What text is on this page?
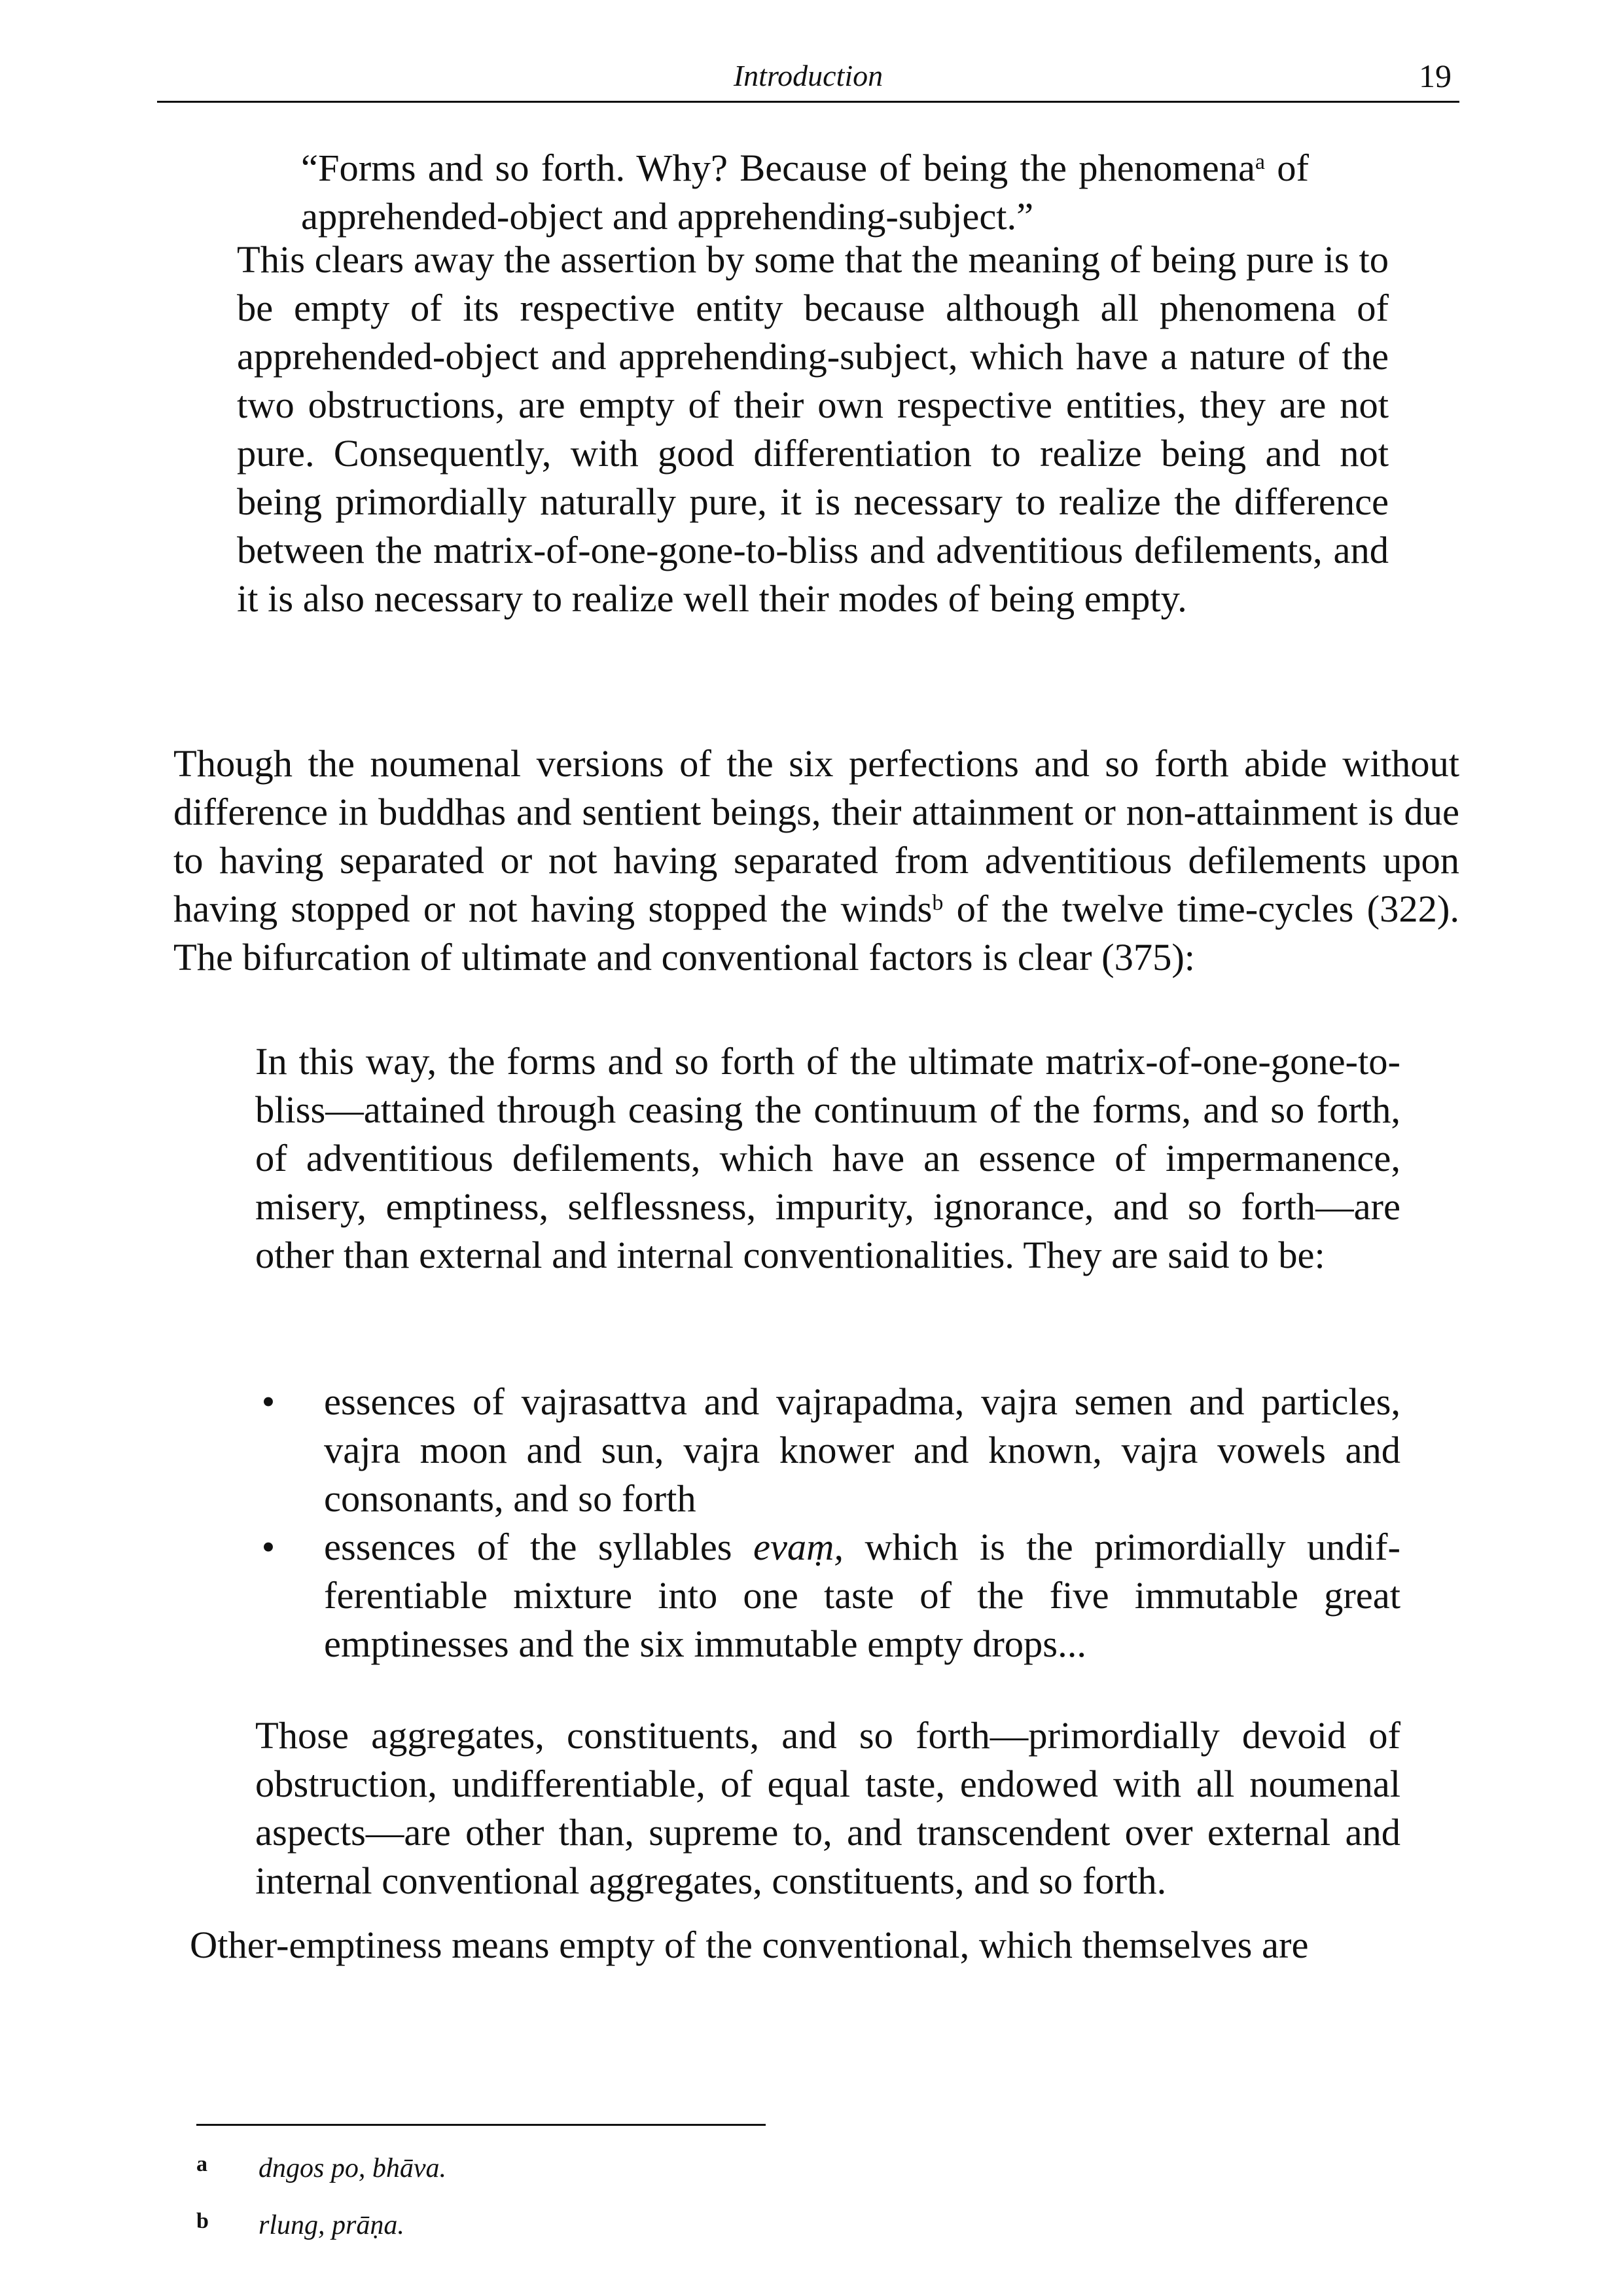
Introduction	19

“Forms and so forth. Why? Because of being the phenomena$^a$ of apprehended-object and apprehending-subject.”

This clears away the assertion by some that the meaning of being pure is to be empty of its respective entity because although all phenomena of apprehended-object and apprehending-subject, which have a nature of the two obstructions, are empty of their own respective entities, they are not pure. Consequently, with good differentiation to realize being and not being primordially naturally pure, it is necessary to realize the difference between the matrix-of-one-gone-to-bliss and adventitious defilements, and it is also necessary to realize well their modes of being empty.

Though the noumenal versions of the six perfections and so forth abide without difference in buddhas and sentient beings, their attainment or non-attainment is due to having separated or not having separated from adventitious defilements upon having stopped or not having stopped the winds$^b$ of the twelve time-cycles (322). The bifurcation of ultimate and conventional factors is clear (375):

In this way, the forms and so forth of the ultimate matrix-of-one-gone-to-bliss—attained through ceasing the continuum of the forms, and so forth, of adventitious defilements, which have an essence of impermanence, misery, emptiness, selflessness, impurity, ignorance, and so forth—are other than external and internal conventionalities. They are said to be:

• essences of vajrasattva and vajrapadma, vajra semen and particles, vajra moon and sun, vajra knower and known, vajra vowels and consonants, and so forth
• essences of the syllables evaṃ, which is the primordially undifferentiable mixture into one taste of the five immutable great emptinesses and the six immutable empty drops...

Those aggregates, constituents, and so forth—primordially devoid of obstruction, undifferentiable, of equal taste, endowed with all noumenal aspects—are other than, supreme to, and transcendent over external and internal conventional aggregates, constituents, and so forth.

Other-emptiness means empty of the conventional, which themselves are

a dngos po, bhāva.
b rlung, prāṇa.
